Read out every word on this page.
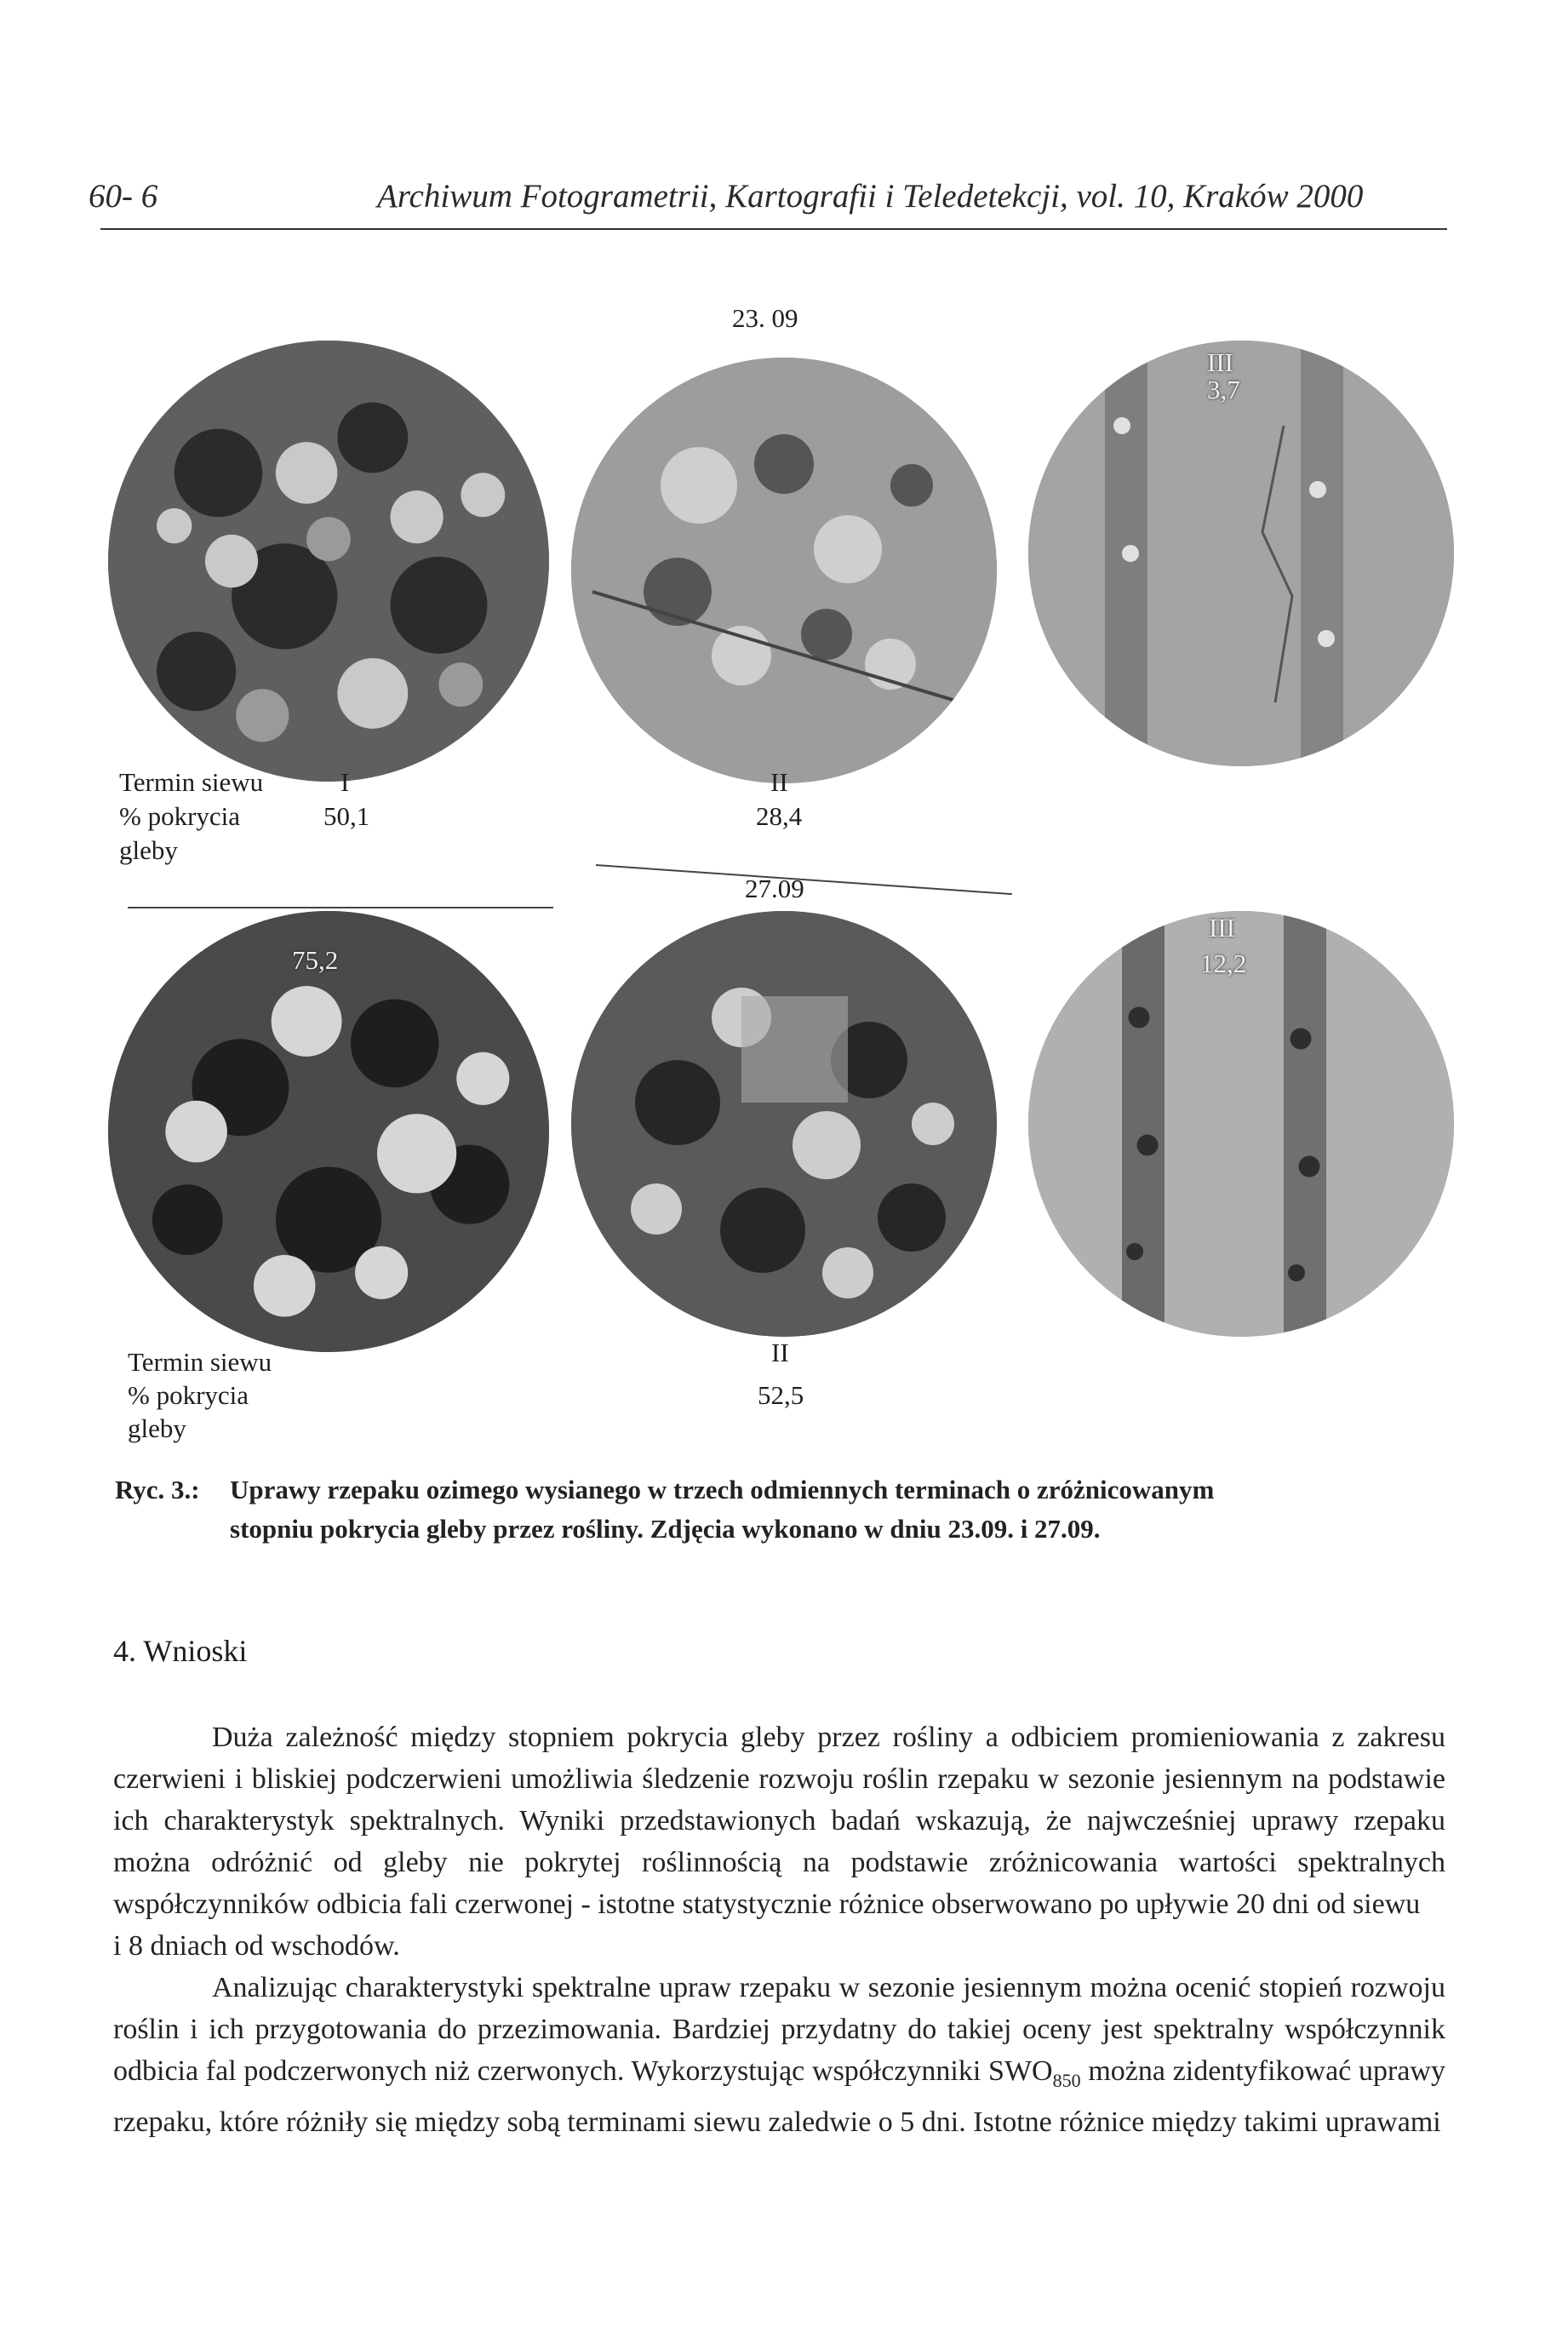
60- 6	Archiwum Fotogrametrii, Kartografii i Teledetekcji, vol. 10, Kraków 2000
23. 09
III
3,7
Termin siewu
% pokrycia
gleby
I
50,1
II
28,4
27.09
75,2
III
12,2
Termin siewu
% pokrycia
gleby
II
52,5
Ryc. 3.: Uprawy rzepaku ozimego wysianego w trzech odmiennych terminach o zróżnicowanym
stopniu pokrycia gleby przez rośliny. Zdjęcia wykonano w dniu 23.09. i 27.09.
4. Wnioski

Duża zależność między stopniem pokrycia gleby przez rośliny a odbiciem promieniowania z zakresu czerwieni i bliskiej podczerwieni umożliwia śledzenie rozwoju roślin rzepaku w sezonie jesiennym na podstawie ich charakterystyk spektralnych. Wyniki przedstawionych badań wskazują, że najwcześniej uprawy rzepaku można odróżnić od gleby nie pokrytej roślinnością na podstawie zróżnicowania wartości spektralnych współczynników odbicia fali czerwonej - istotne statystycznie różnice obserwowano po upływie 20 dni od siewu

i 8 dniach od wschodów.

Analizując charakterystyki spektralne upraw rzepaku w sezonie jesiennym można ocenić stopień rozwoju roślin i ich przygotowania do przezimowania. Bardziej przydatny do takiej oceny jest spektralny współczynnik odbicia fal podczerwonych niż czerwonych. Wykorzystując współczynniki $SWO_{850}$ można zidentyfikować uprawy rzepaku, które różniły się między sobą terminami siewu zaledwie o 5 dni. Istotne różnice między takimi uprawami
